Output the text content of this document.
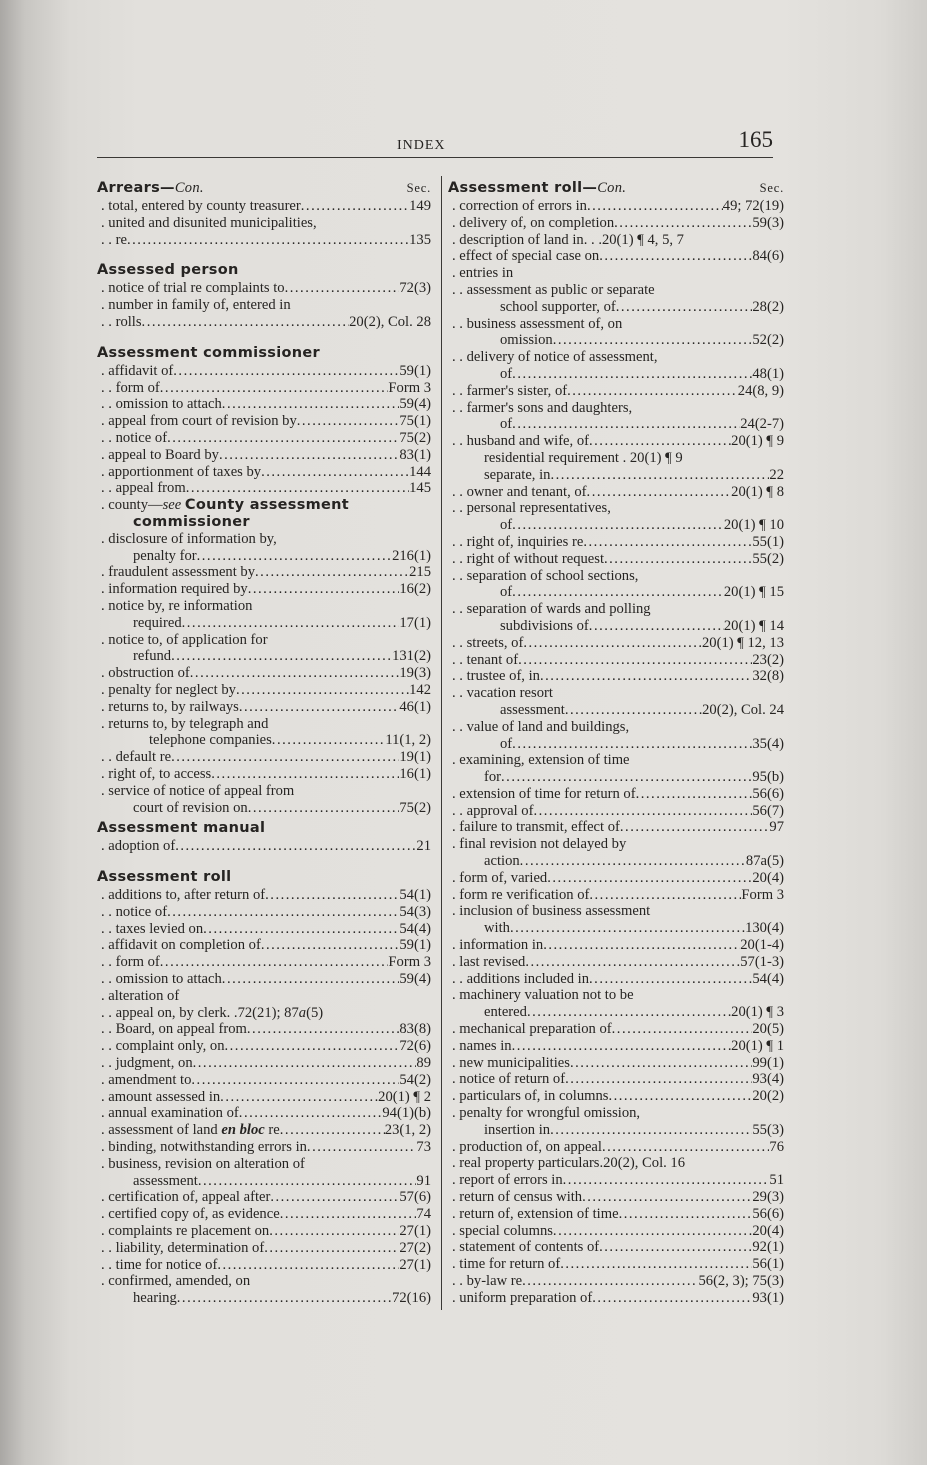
INDEX	165
Arrears—Con.	Sec.
. total, entered by county treasurer .....	149
. united and disunited municipalities,
. . re .....	135
Assessed person
. notice of trial re complaints to .....	72(3)
. number in family of, entered in
. . rolls .....	20(2), Col. 28
Assessment commissioner
. affidavit of .....	59(1)
. . form of .....	Form 3
. . omission to attach .....	59(4)
. appeal from court of revision by .....	75(1)
. . notice of .....	75(2)
. appeal to Board by .....	83(1)
. apportionment of taxes by .....	144
. . appeal from .....	145
. county—see County assessment
commissioner
. disclosure of information by,
penalty for .....	216(1)
. fraudulent assessment by .....	215
. information required by .....	16(2)
. notice by, re information
required .....	17(1)
. notice to, of application for
refund .....	131(2)
. obstruction of .....	19(3)
. penalty for neglect by .....	142
. returns to, by railways .....	46(1)
. returns to, by telegraph and
telephone companies .....	11(1, 2)
. . default re .....	19(1)
. right of, to access .....	16(1)
. service of notice of appeal from
court of revision on .....	75(2)
Assessment manual
. adoption of .....	21
Assessment roll
. additions to, after return of .....	54(1)
. . notice of .....	54(3)
. . taxes levied on .....	54(4)
. affidavit on completion of .....	59(1)
. . form of .....	Form 3
. . omission to attach .....	59(4)
. alteration of
. . appeal on, by clerk. .72(21); 87a(5)
. . Board, on appeal from .....	83(8)
. . complaint only, on .....	72(6)
. . judgment, on .....	89
. amendment to .....	54(2)
. amount assessed in .....	20(1) ¶ 2
. annual examination of .....	94(1)(b)
. assessment of land en bloc re .....	23(1, 2)
. binding, notwithstanding errors in .....	73
. business, revision on alteration of
assessment .....	91
. certification of, appeal after .....	57(6)
. certified copy of, as evidence .....	74
. complaints re placement on .....	27(1)
. . liability, determination of .....	27(2)
. . time for notice of .....	27(1)
. confirmed, amended, on
hearing .....	72(16)
Assessment roll—Con.	Sec.
. correction of errors in .....	49; 72(19)
. delivery of, on completion .....	59(3)
. description of land in. . .20(1) ¶ 4, 5, 7
. effect of special case on .....	84(6)
. entries in
. . assessment as public or separate
school supporter, of .....	28(2)
. . business assessment of, on
omission .....	52(2)
. . delivery of notice of assessment,
of .....	48(1)
. . farmer's sister, of .....	24(8, 9)
. . farmer's sons and daughters,
of .....	24(2-7)
. . husband and wife, of .....	20(1) ¶ 9
residential requirement . 20(1) ¶ 9
separate, in .....	22
. . owner and tenant, of .....	20(1) ¶ 8
. . personal representatives,
of .....	20(1) ¶ 10
. . right of, inquiries re .....	55(1)
. . right of without request .....	55(2)
. . separation of school sections,
of .....	20(1) ¶ 15
. . separation of wards and polling
subdivisions of .....	20(1) ¶ 14
. . streets, of .....	20(1) ¶ 12, 13
. . tenant of .....	23(2)
. . trustee of, in .....	32(8)
. . vacation resort
assessment .....	20(2), Col. 24
. . value of land and buildings,
of .....	35(4)
. examining, extension of time
for .....	95(b)
. extension of time for return of .....	56(6)
. . approval of .....	56(7)
. failure to transmit, effect of .....	97
. final revision not delayed by
action .....	87a(5)
. form of, varied .....	20(4)
. form re verification of .....	Form 3
. inclusion of business assessment
with .....	130(4)
. information in .....	20(1-4)
. last revised .....	57(1-3)
. . additions included in .....	54(4)
. machinery valuation not to be
entered .....	20(1) ¶ 3
. mechanical preparation of .....	20(5)
. names in .....	20(1) ¶ 1
. new municipalities .....	99(1)
. notice of return of .....	93(4)
. particulars of, in columns .....	20(2)
. penalty for wrongful omission,
insertion in .....	55(3)
. production of, on appeal .....	76
. real property particulars.20(2), Col. 16
. report of errors in .....	51
. return of census with .....	29(3)
. return of, extension of time .....	56(6)
. special columns .....	20(4)
. statement of contents of .....	92(1)
. time for return of .....	56(1)
. . by-law re .....	56(2, 3); 75(3)
. uniform preparation of .....	93(1)
